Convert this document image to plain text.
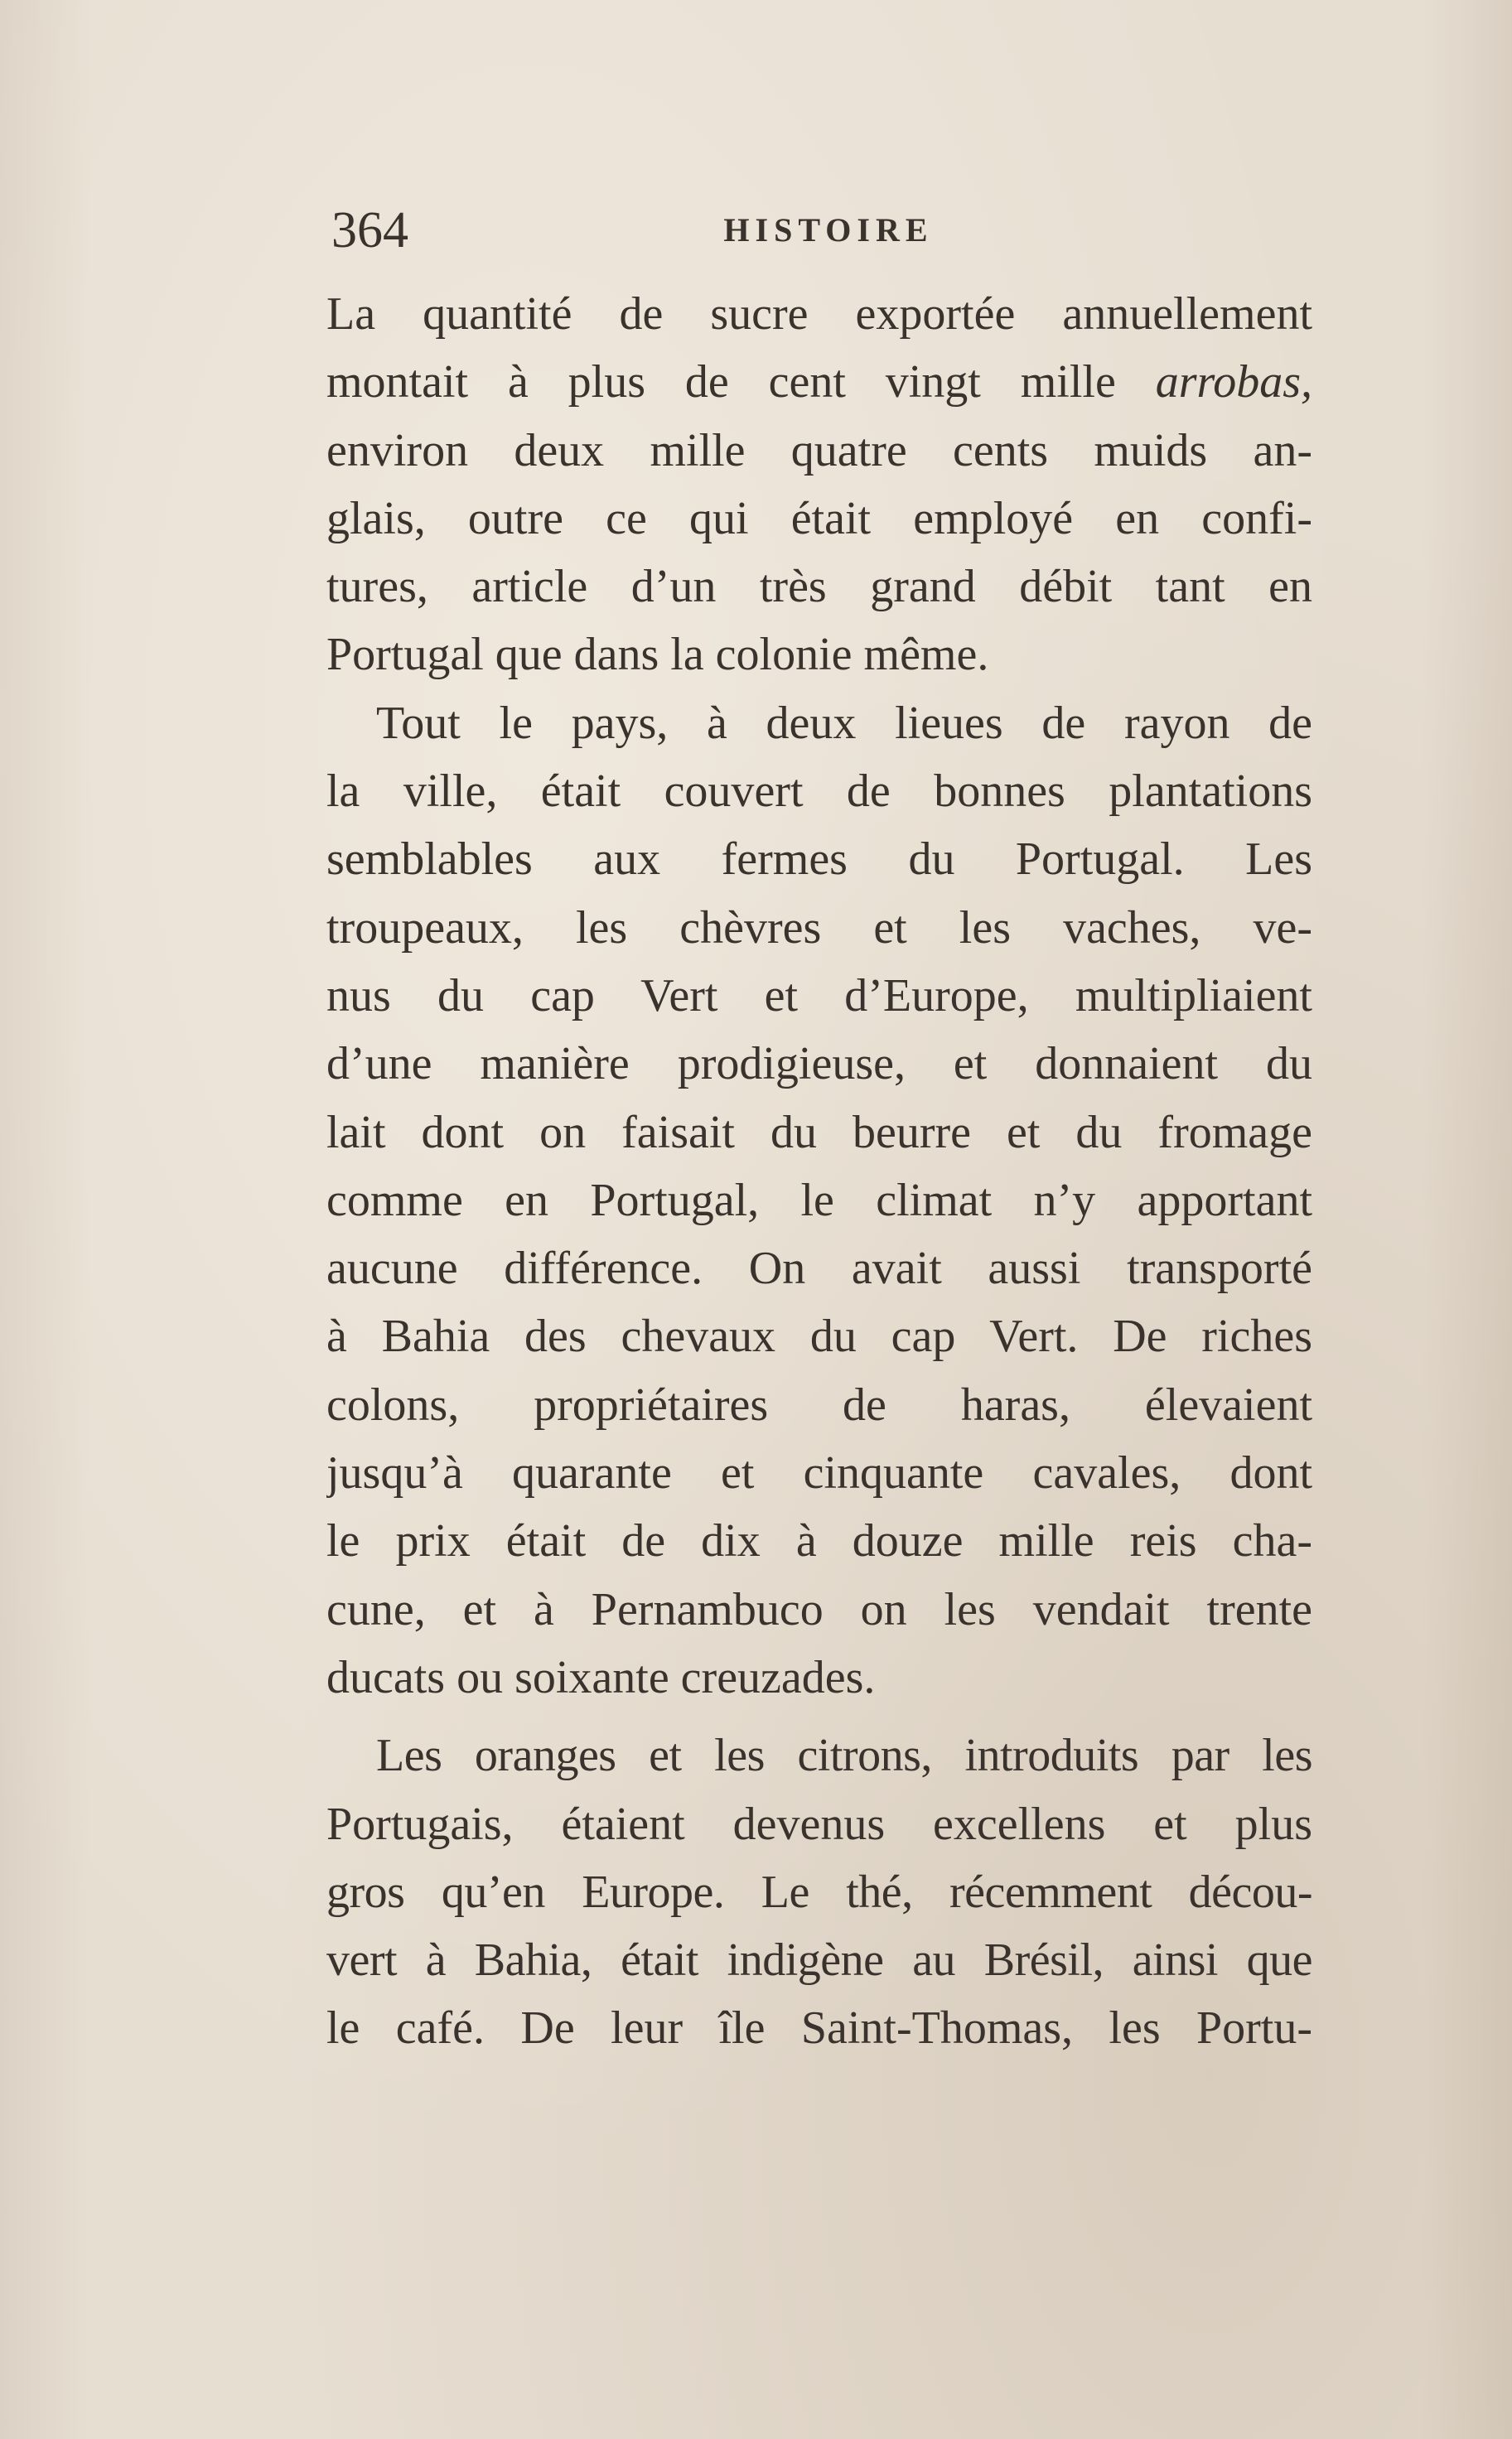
364	HISTOIRE
La quantité de sucre exportée annuellement
montait à plus de cent vingt mille arrobas,
environ deux mille quatre cents muids an-
glais, outre ce qui était employé en confi-
tures, article d’un très grand débit tant en
Portugal que dans la colonie même.
Tout le pays, à deux lieues de rayon de
la ville, était couvert de bonnes plantations
semblables aux fermes du Portugal. Les
troupeaux, les chèvres et les vaches, ve-
nus du cap Vert et d’Europe, multipliaient
d’une manière prodigieuse, et donnaient du
lait dont on faisait du beurre et du fromage
comme en Portugal, le climat n’y apportant
aucune différence. On avait aussi transporté
à Bahia des chevaux du cap Vert. De riches
colons, propriétaires de haras, élevaient
jusqu’à quarante et cinquante cavales, dont
le prix était de dix à douze mille reis cha-
cune, et à Pernambuco on les vendait trente
ducats ou soixante creuzades.
Les oranges et les citrons, introduits par les
Portugais, étaient devenus excellens et plus
gros qu’en Europe. Le thé, récemment décou-
vert à Bahia, était indigène au Brésil, ainsi que
le café. De leur île Saint-Thomas, les Portu-
